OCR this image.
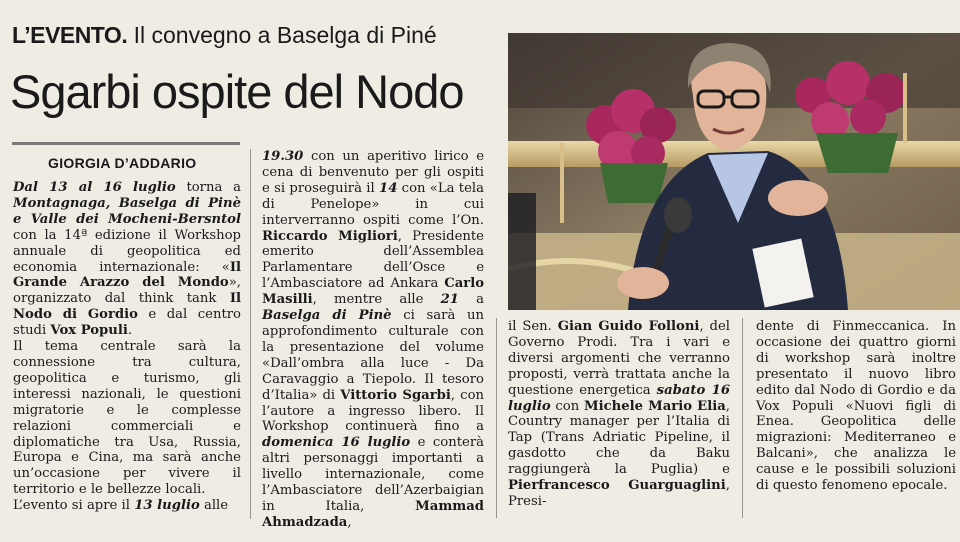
L’EVENTO. Il convegno a Baselga di Piné
Sgarbi ospite del Nodo
GIORGIA D’ADDARIO

Dal 13 al 16 luglio torna a Montagnaga, Baselga di Pinè e Valle dei Mocheni-Bersntol con la 14ª edizione il Workshop annuale di geopolitica ed economia internazionale: «Il Grande Arazzo del Mondo», organizzato dal think tank Il Nodo di Gordio e dal centro studi Vox Populi.

Il tema centrale sarà la connessione tra cultura, geopolitica e turismo, gli interessi nazionali, le questioni migratorie e le complesse relazioni commerciali e diplomatiche tra Usa, Russia, Europa e Cina, ma sarà anche un’occasione per vivere il territorio e le bellezze locali.

L’evento si apre il 13 luglio alle

19.30 con un aperitivo lirico e cena di benvenuto per gli ospiti e si proseguirà il 14 con «La tela di Penelope» in cui interverranno ospiti come l’On. Riccardo Migliori, Presidente emerito dell’Assemblea Parlamentare dell’Osce e l’Ambasciatore ad Ankara Carlo Masilli, mentre alle 21 a Baselga di Pinè ci sarà un approfondimento culturale con la presentazione del volume «Dall’ombra alla luce - Da Caravaggio a Tiepolo. Il tesoro d’Italia» di Vittorio Sgarbi, con l’autore a ingresso libero. Il Workshop continuerà fino a domenica 16 luglio e conterà altri personaggi importanti a livello internazionale, come l’Ambasciatore dell’Azerbaigian in Italia, Mammad Ahmadzada,

il Sen. Gian Guido Folloni, del Governo Prodi. Tra i vari e diversi argomenti che verranno proposti, verrà trattata anche la questione energetica sabato 16 luglio con Michele Mario Elia, Country manager per l’Italia di Tap (Trans Adriatic Pipeline, il gasdotto che da Baku raggiungerà la Puglia) e Pierfrancesco Guarguaglini, Presi-

dente di Finmeccanica. In occasione dei quattro giorni di workshop sarà inoltre presentato il nuovo libro edito dal Nodo di Gordio e da Vox Populi «Nuovi figli di Enea. Geopolitica delle migrazioni: Mediterraneo e Balcani», che analizza le cause e le possibili soluzioni di questo fenomeno epocale.
